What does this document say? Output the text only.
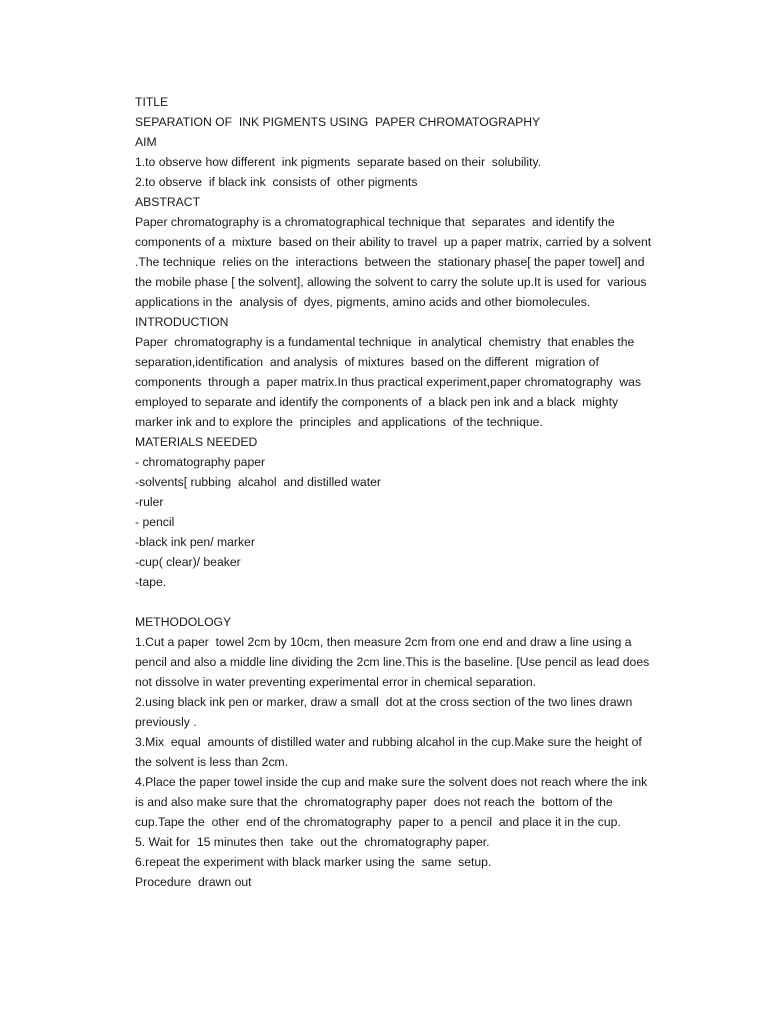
TITLE
SEPARATION OF  INK PIGMENTS USING  PAPER CHROMATOGRAPHY
AIM
1.to observe how different  ink pigments  separate based on their  solubility.
2.to observe  if black ink  consists of  other pigments
ABSTRACT
Paper chromatography is a chromatographical technique that  separates  and identify the
components of a  mixture  based on their ability to travel  up a paper matrix, carried by a solvent
.The technique  relies on the  interactions  between the  stationary phase[ the paper towel] and
the mobile phase [ the solvent], allowing the solvent to carry the solute up.It is used for  various
applications in the  analysis of  dyes, pigments, amino acids and other biomolecules.
INTRODUCTION
Paper  chromatography is a fundamental technique  in analytical  chemistry  that enables the
separation,identification  and analysis  of mixtures  based on the different  migration of
components  through a  paper matrix.In thus practical experiment,paper chromatography  was
employed to separate and identify the components of  a black pen ink and a black  mighty
marker ink and to explore the  principles  and applications  of the technique.
MATERIALS NEEDED
- chromatography paper
-solvents[ rubbing  alcahol  and distilled water
-ruler
- pencil
-black ink pen/ marker
-cup( clear)/ beaker
-tape.
METHODOLOGY
1.Cut a paper  towel 2cm by 10cm, then measure 2cm from one end and draw a line using a
pencil and also a middle line dividing the 2cm line.This is the baseline. [Use pencil as lead does
not dissolve in water preventing experimental error in chemical separation.
2.using black ink pen or marker, draw a small  dot at the cross section of the two lines drawn
previously .
3.Mix  equal  amounts of distilled water and rubbing alcahol in the cup.Make sure the height of
the solvent is less than 2cm.
4.Place the paper towel inside the cup and make sure the solvent does not reach where the ink
is and also make sure that the  chromatography paper  does not reach the  bottom of the
cup.Tape the  other  end of the chromatography  paper to  a pencil  and place it in the cup.
5. Wait for  15 minutes then  take  out the  chromatography paper.
6.repeat the experiment with black marker using the  same  setup.
Procedure  drawn out
